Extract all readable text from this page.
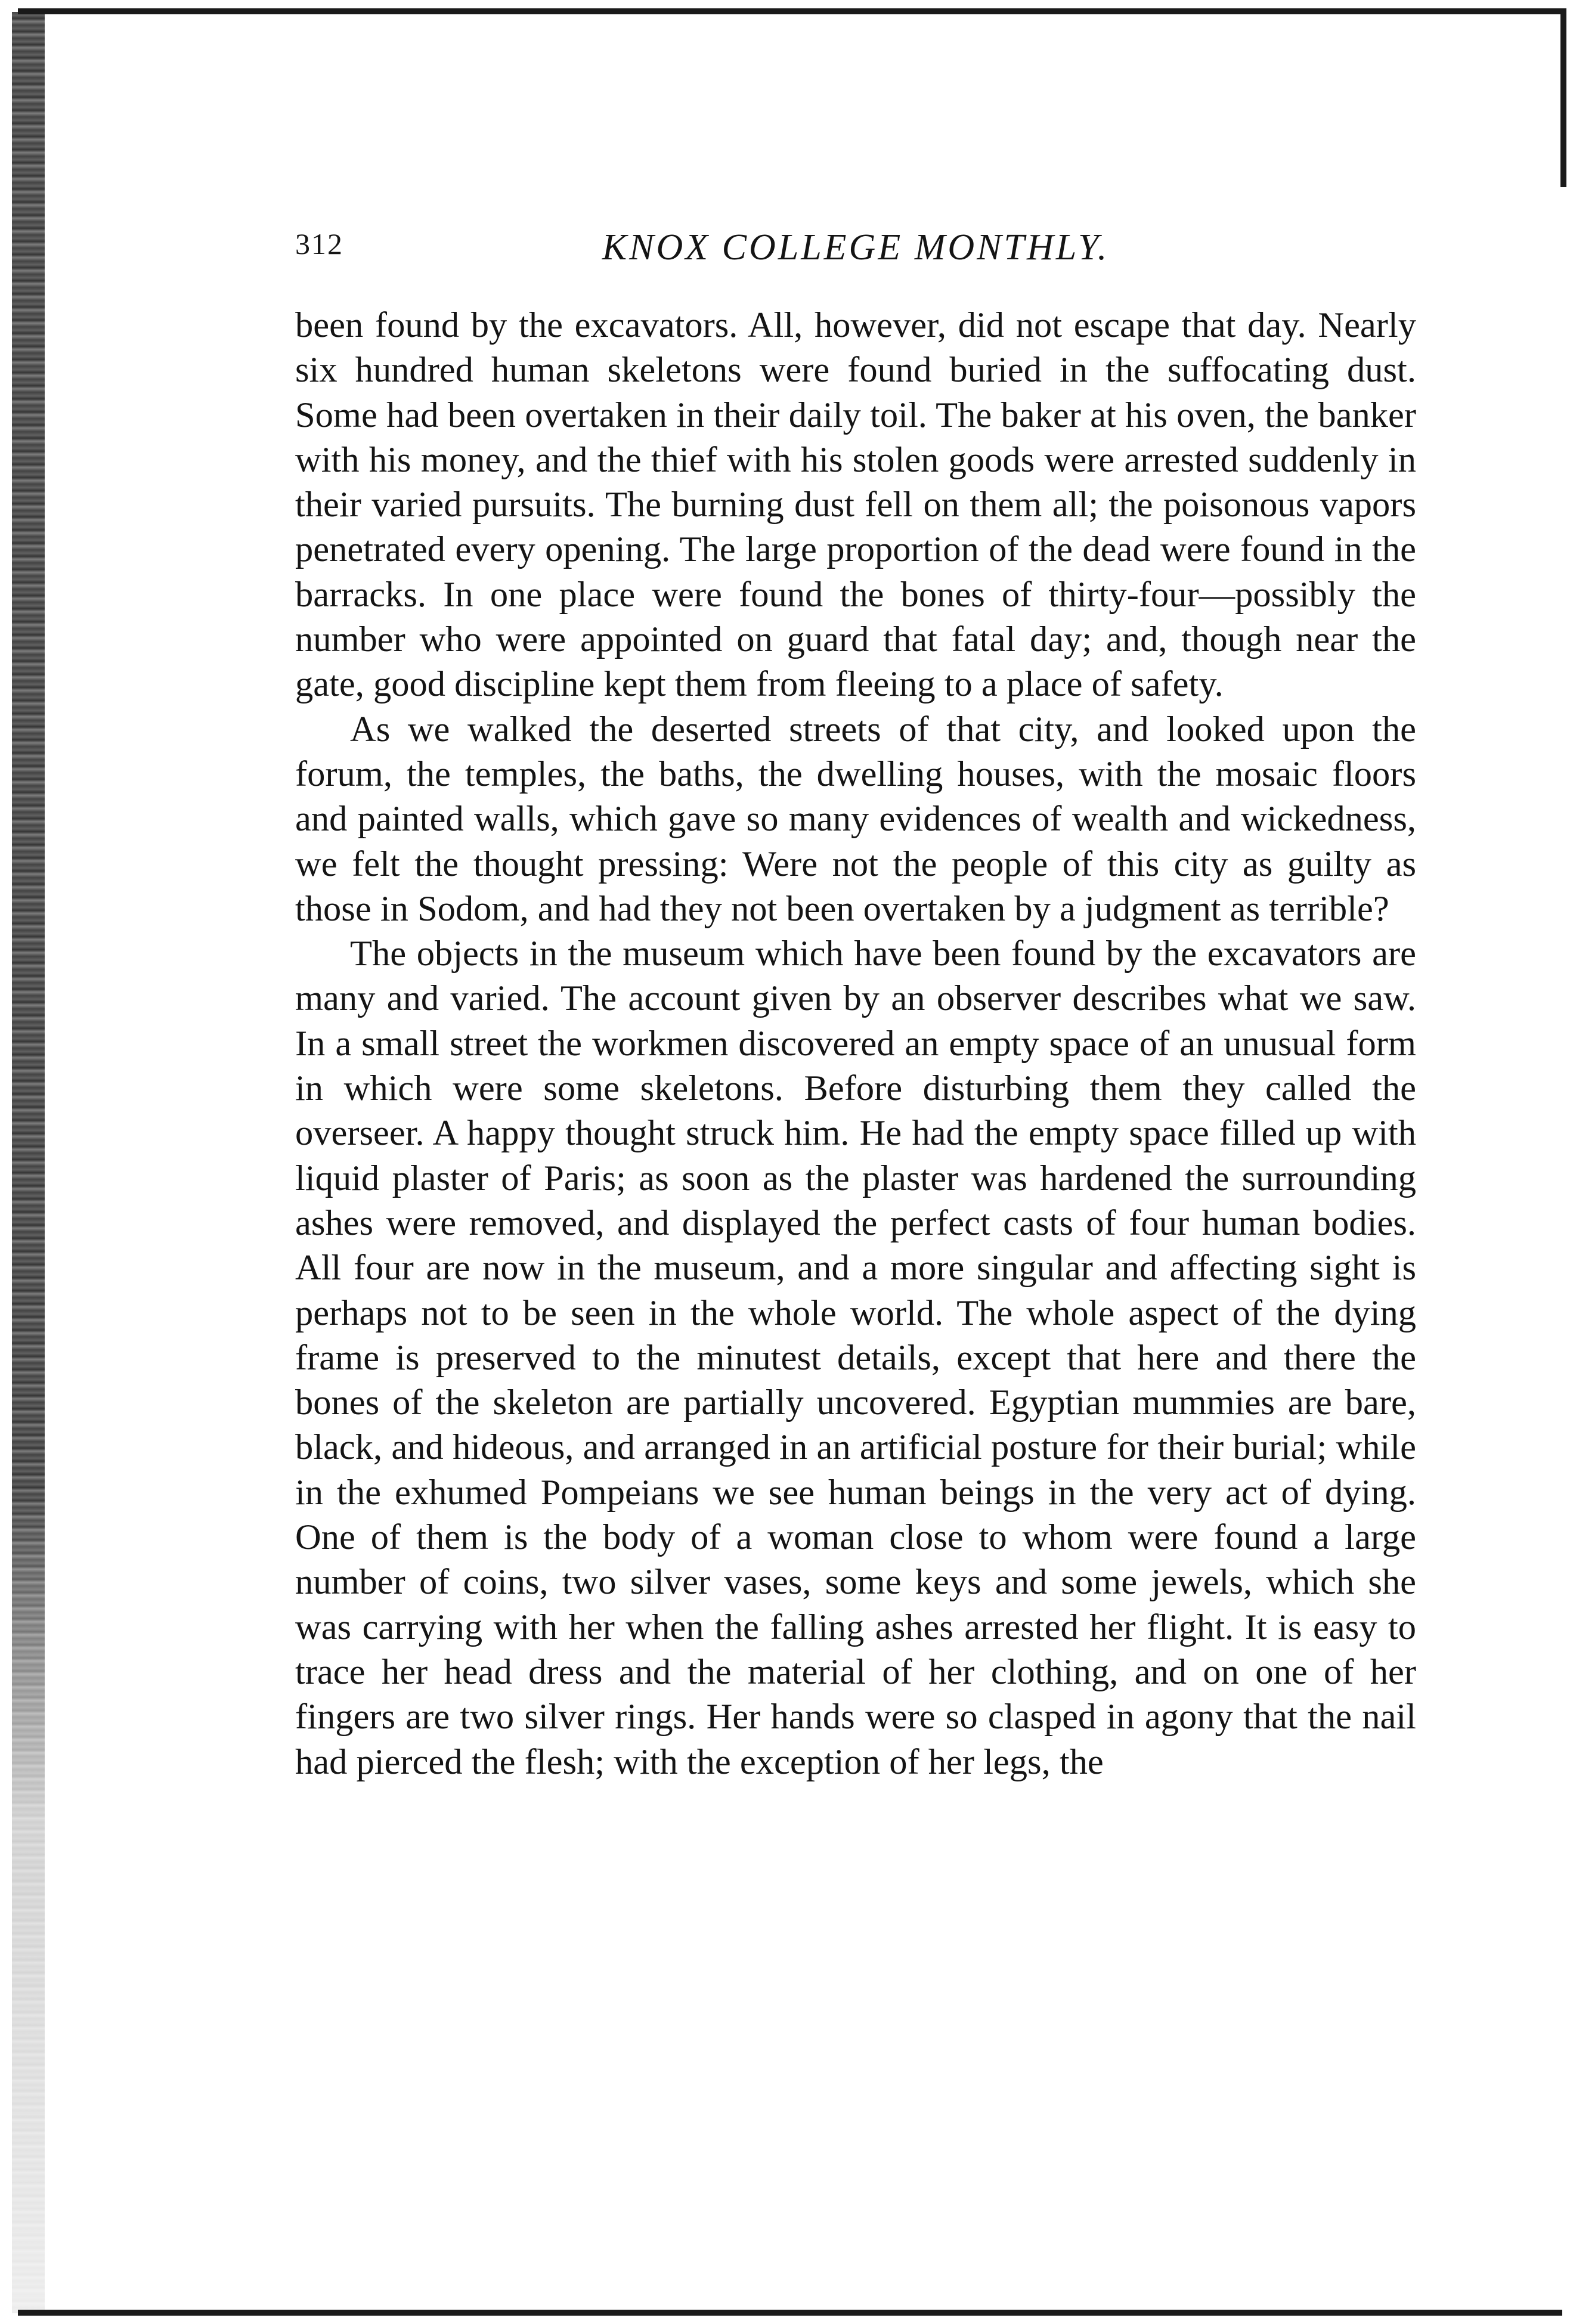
312	KNOX COLLEGE MONTHLY.

been found by the excavators. All, however, did not escape that day. Nearly six hundred human skeletons were found buried in the suffocating dust. Some had been overtaken in their daily toil. The baker at his oven, the banker with his money, and the thief with his stolen goods were arrested suddenly in their varied pursuits. The burning dust fell on them all; the poisonous vapors penetrated every opening. The large proportion of the dead were found in the barracks. In one place were found the bones of thirty-four—possibly the number who were appointed on guard that fatal day; and, though near the gate, good discipline kept them from fleeing to a place of safety.

As we walked the deserted streets of that city, and looked upon the forum, the temples, the baths, the dwelling houses, with the mosaic floors and painted walls, which gave so many evidences of wealth and wickedness, we felt the thought pressing: Were not the people of this city as guilty as those in Sodom, and had they not been overtaken by a judgment as terrible?

The objects in the museum which have been found by the excavators are many and varied. The account given by an observer describes what we saw. In a small street the workmen discovered an empty space of an unusual form in which were some skeletons. Before disturbing them they called the overseer. A happy thought struck him. He had the empty space filled up with liquid plaster of Paris; as soon as the plaster was hardened the surrounding ashes were removed, and displayed the perfect casts of four human bodies. All four are now in the museum, and a more singular and affecting sight is perhaps not to be seen in the whole world. The whole aspect of the dying frame is preserved to the minutest details, except that here and there the bones of the skeleton are partially uncovered. Egyptian mummies are bare, black, and hideous, and arranged in an artificial posture for their burial; while in the exhumed Pompeians we see human beings in the very act of dying. One of them is the body of a woman close to whom were found a large number of coins, two silver vases, some keys and some jewels, which she was carrying with her when the falling ashes arrested her flight. It is easy to trace her head dress and the material of her clothing, and on one of her fingers are two silver rings. Her hands were so clasped in agony that the nail had pierced the flesh; with the exception of her legs, the
